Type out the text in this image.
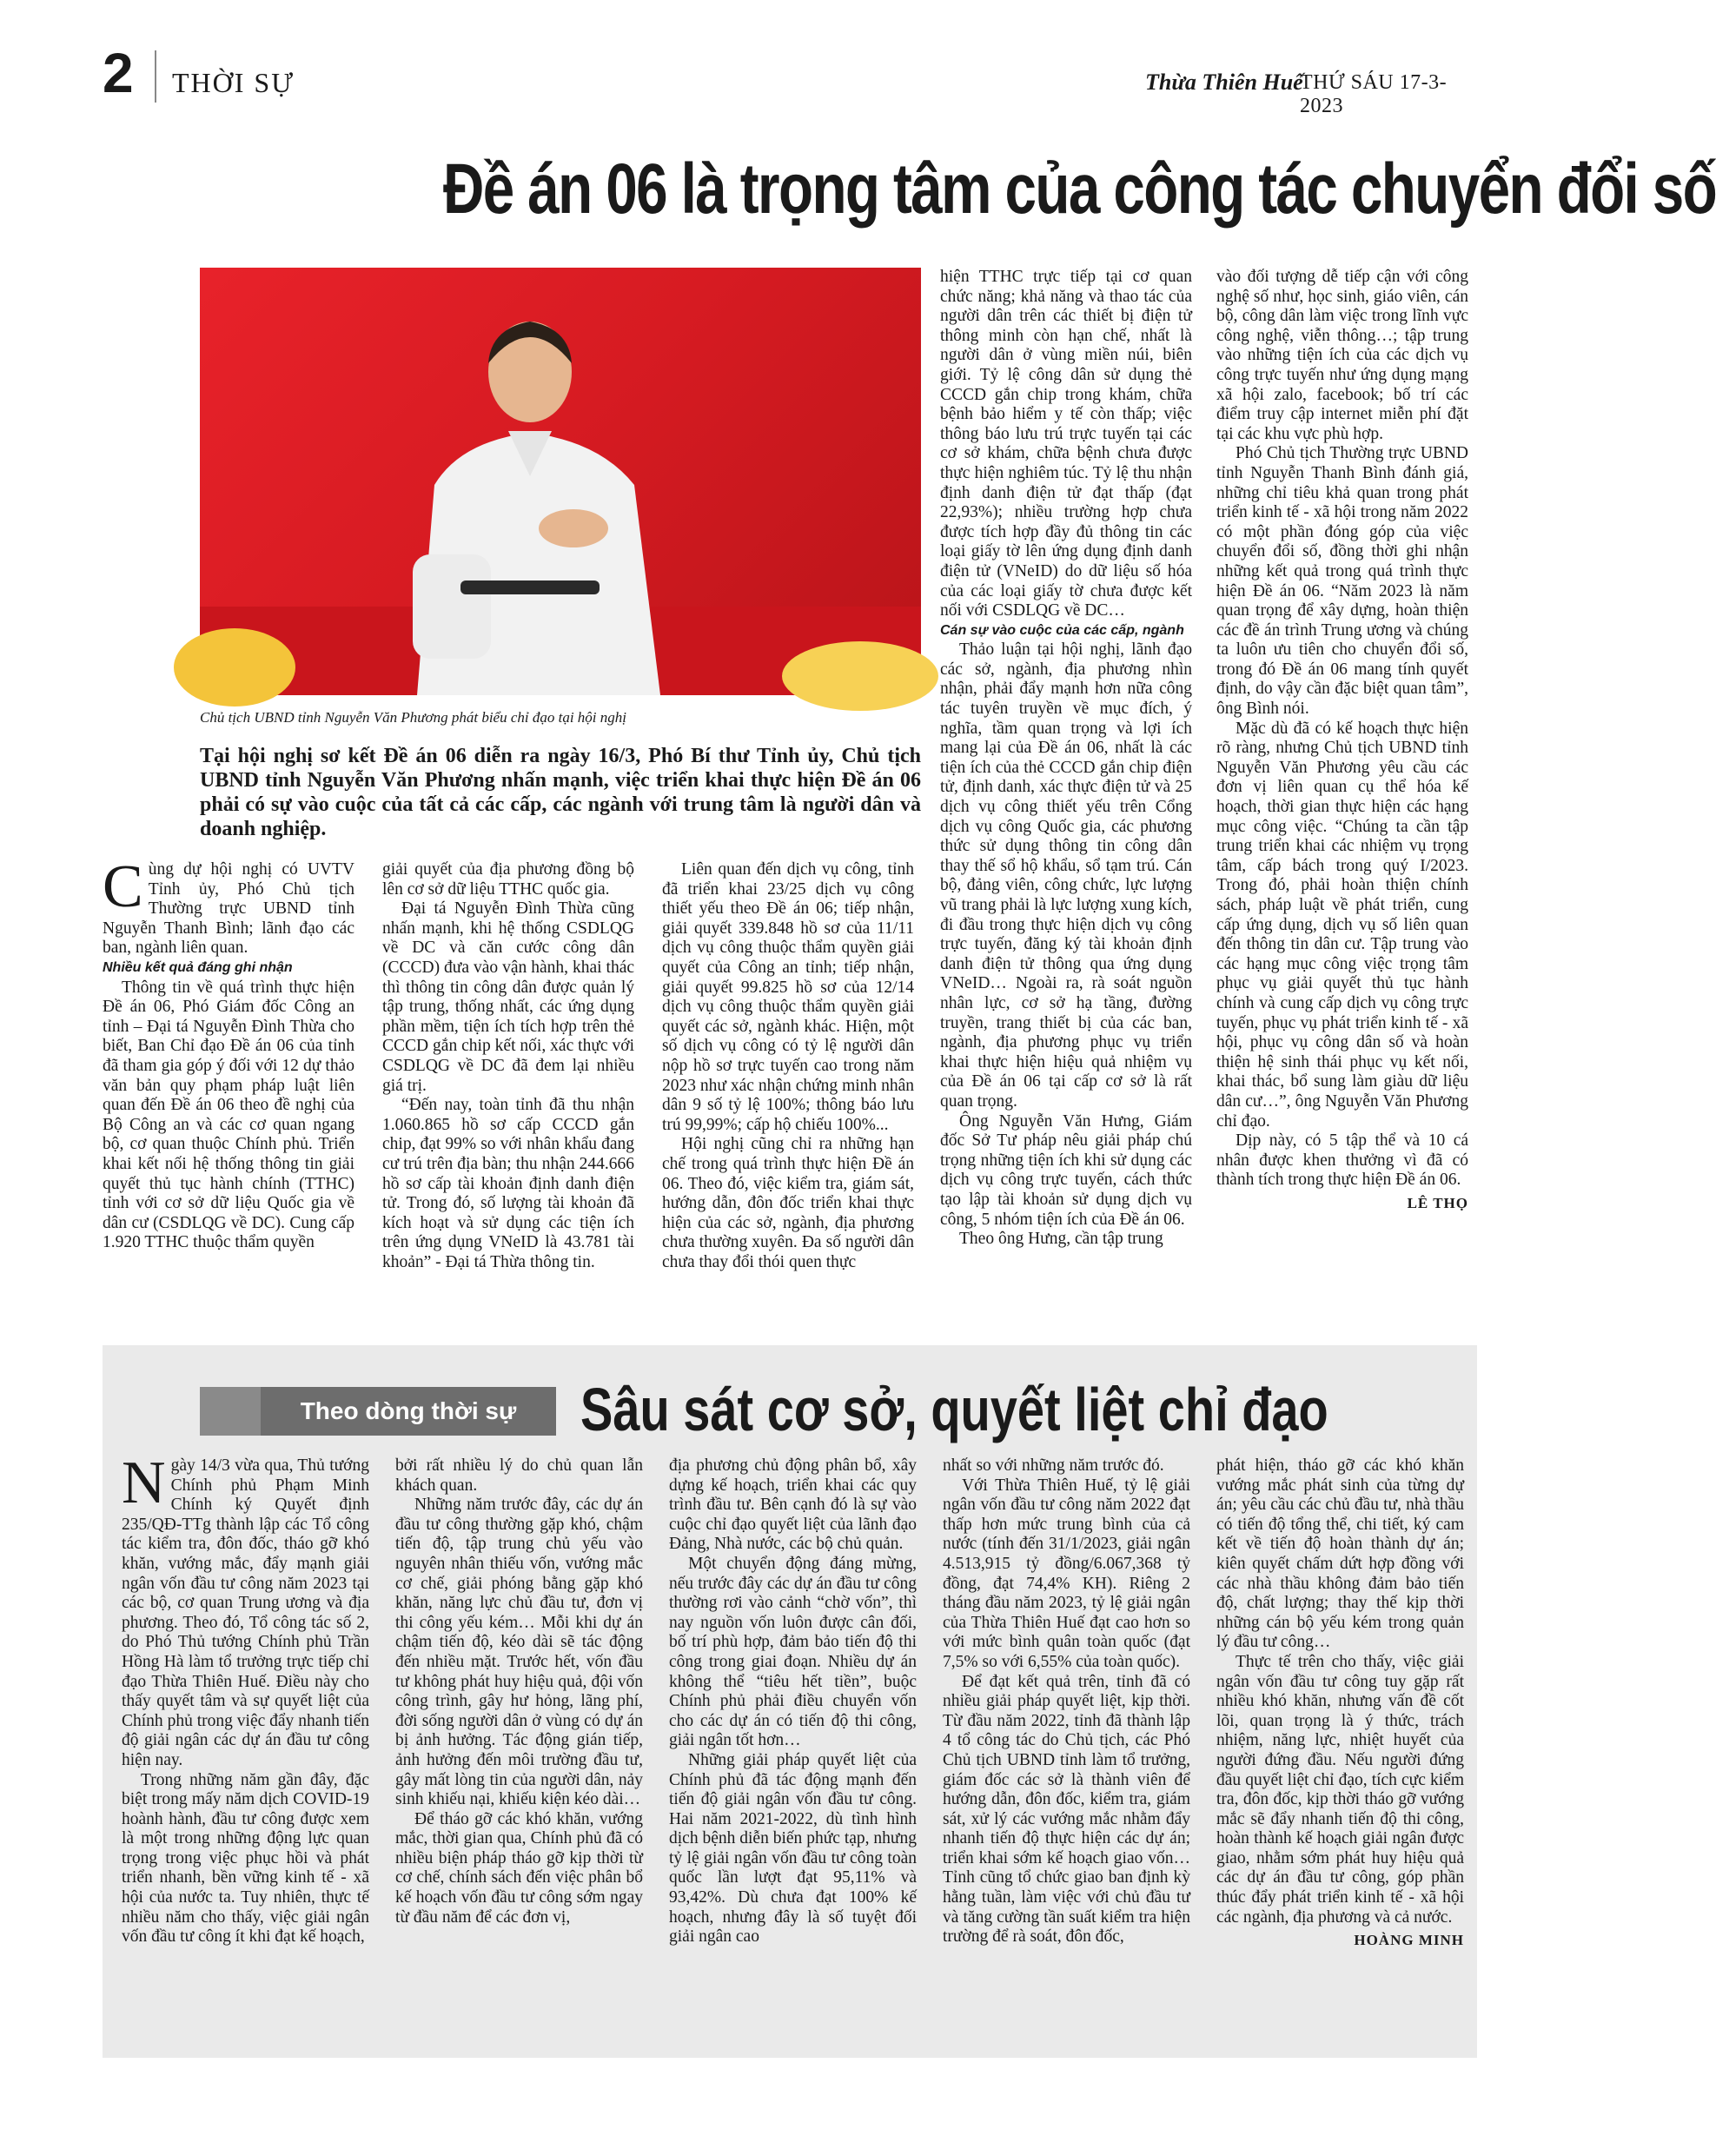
2 THỜI SỰ	Thừa Thiên Huế
THỨ SÁU 17-3-2023
Đề án 06 là trọng tâm của công tác chuyển đổi số
Chủ tịch UBND tỉnh Nguyễn Văn Phương phát biểu chỉ đạo tại hội nghị
Tại hội nghị sơ kết Đề án 06 diễn ra ngày 16/3, Phó Bí thư Tỉnh ủy, Chủ tịch UBND tỉnh Nguyễn Văn Phương nhấn mạnh, việc triển khai thực hiện Đề án 06 phải có sự vào cuộc của tất cả các cấp, các ngành với trung tâm là người dân và doanh nghiệp.

Cùng dự hội nghị có UVTV Tỉnh ủy, Phó Chủ tịch Thường trực UBND tỉnh Nguyễn Thanh Bình; lãnh đạo các ban, ngành liên quan.

Nhiều kết quả đáng ghi nhận

Thông tin về quá trình thực hiện Đề án 06, Phó Giám đốc Công an tỉnh – Đại tá Nguyễn Đình Thừa cho biết, Ban Chỉ đạo Đề án 06 của tỉnh đã tham gia góp ý đối với 12 dự thảo văn bản quy phạm pháp luật liên quan đến Đề án 06 theo đề nghị của Bộ Công an và các cơ quan ngang bộ, cơ quan thuộc Chính phủ. Triển khai kết nối hệ thống thông tin giải quyết thủ tục hành chính (TTHC) tỉnh với cơ sở dữ liệu Quốc gia về dân cư (CSDLQG về DC). Cung cấp 1.920 TTHC thuộc thẩm quyền

giải quyết của địa phương đồng bộ lên cơ sở dữ liệu TTHC quốc gia.

Đại tá Nguyễn Đình Thừa cũng nhấn mạnh, khi hệ thống CSDLQG về DC và căn cước công dân (CCCD) đưa vào vận hành, khai thác thì thông tin công dân được quản lý tập trung, thống nhất, các ứng dụng phần mềm, tiện ích tích hợp trên thẻ CCCD gắn chip kết nối, xác thực với CSDLQG về DC đã đem lại nhiều giá trị.

“Đến nay, toàn tỉnh đã thu nhận 1.060.865 hồ sơ cấp CCCD gắn chip, đạt 99% so với nhân khẩu đang cư trú trên địa bàn; thu nhận 244.666 hồ sơ cấp tài khoản định danh điện tử. Trong đó, số lượng tài khoản đã kích hoạt và sử dụng các tiện ích trên ứng dụng VNeID là 43.781 tài khoản” - Đại tá Thừa thông tin.

Liên quan đến dịch vụ công, tỉnh đã triển khai 23/25 dịch vụ công thiết yếu theo Đề án 06; tiếp nhận, giải quyết 339.848 hồ sơ của 11/11 dịch vụ công thuộc thẩm quyền giải quyết của Công an tỉnh; tiếp nhận, giải quyết 99.825 hồ sơ của 12/14 dịch vụ công thuộc thẩm quyền giải quyết các sở, ngành khác. Hiện, một số dịch vụ công có tỷ lệ người dân nộp hồ sơ trực tuyến cao trong năm 2023 như xác nhận chứng minh nhân dân 9 số tỷ lệ 100%; thông báo lưu trú 99,99%; cấp hộ chiếu 100%...

Hội nghị cũng chỉ ra những hạn chế trong quá trình thực hiện Đề án 06. Theo đó, việc kiểm tra, giám sát, hướng dẫn, đôn đốc triển khai thực hiện của các sở, ngành, địa phương chưa thường xuyên. Đa số người dân chưa thay đổi thói quen thực

hiện TTHC trực tiếp tại cơ quan chức năng; khả năng và thao tác của người dân trên các thiết bị điện tử thông minh còn hạn chế, nhất là người dân ở vùng miền núi, biên giới. Tỷ lệ công dân sử dụng thẻ CCCD gắn chip trong khám, chữa bệnh bảo hiểm y tế còn thấp; việc thông báo lưu trú trực tuyến tại các cơ sở khám, chữa bệnh chưa được thực hiện nghiêm túc. Tỷ lệ thu nhận định danh điện tử đạt thấp (đạt 22,93%); nhiều trường hợp chưa được tích hợp đầy đủ thông tin các loại giấy tờ lên ứng dụng định danh điện tử (VNeID) do dữ liệu số hóa của các loại giấy tờ chưa được kết nối với CSDLQG về DC…

Cán sự vào cuộc của các cấp, ngành

Thảo luận tại hội nghị, lãnh đạo các sở, ngành, địa phương nhìn nhận, phải đẩy mạnh hơn nữa công tác tuyên truyền về mục đích, ý nghĩa, tầm quan trọng và lợi ích mang lại của Đề án 06, nhất là các tiện ích của thẻ CCCD gắn chip điện tử, định danh, xác thực điện tử và 25 dịch vụ công thiết yếu trên Cổng dịch vụ công Quốc gia, các phương thức sử dụng thông tin công dân thay thế sổ hộ khẩu, sổ tạm trú. Cán bộ, đảng viên, công chức, lực lượng vũ trang phải là lực lượng xung kích, đi đầu trong thực hiện dịch vụ công trực tuyến, đăng ký tài khoản định danh điện tử thông qua ứng dụng VNeID… Ngoài ra, rà soát nguồn nhân lực, cơ sở hạ tầng, đường truyền, trang thiết bị của các ban, ngành, địa phương phục vụ triển khai thực hiện hiệu quả nhiệm vụ của Đề án 06 tại cấp cơ sở là rất quan trọng.

Ông Nguyễn Văn Hưng, Giám đốc Sở Tư pháp nêu giải pháp chú trọng những tiện ích khi sử dụng các dịch vụ công trực tuyến, cách thức tạo lập tài khoản sử dụng dịch vụ công, 5 nhóm tiện ích của Đề án 06.

Theo ông Hưng, cần tập trung

vào đối tượng dễ tiếp cận với công nghệ số như, học sinh, giáo viên, cán bộ, công dân làm việc trong lĩnh vực công nghệ, viễn thông…; tập trung vào những tiện ích của các dịch vụ công trực tuyến như ứng dụng mạng xã hội zalo, facebook; bố trí các điểm truy cập internet miễn phí đặt tại các khu vực phù hợp.

Phó Chủ tịch Thường trực UBND tỉnh Nguyễn Thanh Bình đánh giá, những chỉ tiêu khả quan trong phát triển kinh tế - xã hội trong năm 2022 có một phần đóng góp của việc chuyển đổi số, đồng thời ghi nhận những kết quả trong quá trình thực hiện Đề án 06. “Năm 2023 là năm quan trọng để xây dựng, hoàn thiện các đề án trình Trung ương và chúng ta luôn ưu tiên cho chuyển đổi số, trong đó Đề án 06 mang tính quyết định, do vậy cần đặc biệt quan tâm”, ông Bình nói.

Mặc dù đã có kế hoạch thực hiện rõ ràng, nhưng Chủ tịch UBND tỉnh Nguyễn Văn Phương yêu cầu các đơn vị liên quan cụ thể hóa kế hoạch, thời gian thực hiện các hạng mục công việc. “Chúng ta cần tập trung triển khai các nhiệm vụ trọng tâm, cấp bách trong quý I/2023. Trong đó, phải hoàn thiện chính sách, pháp luật về phát triển, cung cấp ứng dụng, dịch vụ số liên quan đến thông tin dân cư. Tập trung vào các hạng mục công việc trọng tâm phục vụ giải quyết thủ tục hành chính và cung cấp dịch vụ công trực tuyến, phục vụ phát triển kinh tế - xã hội, phục vụ công dân số và hoàn thiện hệ sinh thái phục vụ kết nối, khai thác, bổ sung làm giàu dữ liệu dân cư…”, ông Nguyễn Văn Phương chỉ đạo.

Dịp này, có 5 tập thể và 10 cá nhân được khen thưởng vì đã có thành tích trong thực hiện Đề án 06.

LÊ THỌ

Theo dòng thời sự	Sâu sát cơ sở, quyết liệt chỉ đạo

Ngày 14/3 vừa qua, Thủ tướng Chính phủ Phạm Minh Chính ký Quyết định 235/QĐ-TTg thành lập các Tổ công tác kiểm tra, đôn đốc, tháo gỡ khó khăn, vướng mắc, đẩy mạnh giải ngân vốn đầu tư công năm 2023 tại các bộ, cơ quan Trung ương và địa phương. Theo đó, Tổ công tác số 2, do Phó Thủ tướng Chính phủ Trần Hồng Hà làm tổ trưởng trực tiếp chỉ đạo Thừa Thiên Huế. Điều này cho thấy quyết tâm và sự quyết liệt của Chính phủ trong việc đẩy nhanh tiến độ giải ngân các dự án đầu tư công hiện nay.

Trong những năm gần đây, đặc biệt trong mấy năm dịch COVID-19 hoành hành, đầu tư công được xem là một trong những động lực quan trọng trong việc phục hồi và phát triển nhanh, bền vững kinh tế - xã hội của nước ta. Tuy nhiên, thực tế nhiều năm cho thấy, việc giải ngân vốn đầu tư công ít khi đạt kế hoạch,

bởi rất nhiều lý do chủ quan lẫn khách quan.

Những năm trước đây, các dự án đầu tư công thường gặp khó, chậm tiến độ, tập trung chủ yếu vào nguyên nhân thiếu vốn, vướng mắc cơ chế, giải phóng bằng gặp khó khăn, năng lực chủ đầu tư, đơn vị thi công yếu kém… Mỗi khi dự án chậm tiến độ, kéo dài sẽ tác động đến nhiều mặt. Trước hết, vốn đầu tư không phát huy hiệu quả, đội vốn công trình, gây hư hỏng, lãng phí, đời sống người dân ở vùng có dự án bị ảnh hưởng. Tác động gián tiếp, ảnh hưởng đến môi trường đầu tư, gây mất lòng tin của người dân, nảy sinh khiếu nại, khiếu kiện kéo dài…

Để tháo gỡ các khó khăn, vướng mắc, thời gian qua, Chính phủ đã có nhiều biện pháp tháo gỡ kịp thời từ cơ chế, chính sách đến việc phân bổ kế hoạch vốn đầu tư công sớm ngay từ đầu năm để các đơn vị,

địa phương chủ động phân bổ, xây dựng kế hoạch, triển khai các quy trình đầu tư. Bên cạnh đó là sự vào cuộc chỉ đạo quyết liệt của lãnh đạo Đảng, Nhà nước, các bộ chủ quản.

Một chuyển động đáng mừng, nếu trước đây các dự án đầu tư công thường rơi vào cảnh “chờ vốn”, thì nay nguồn vốn luôn được cân đối, bố trí phù hợp, đảm bảo tiến độ thi công trong giai đoạn. Nhiều dự án không thể “tiêu hết tiền”, buộc Chính phủ phải điều chuyển vốn cho các dự án có tiến độ thi công, giải ngân tốt hơn…

Những giải pháp quyết liệt của Chính phủ đã tác động mạnh đến tiến độ giải ngân vốn đầu tư công. Hai năm 2021-2022, dù tình hình dịch bệnh diễn biến phức tạp, nhưng tỷ lệ giải ngân vốn đầu tư công toàn quốc lần lượt đạt 95,11% và 93,42%. Dù chưa đạt 100% kế hoạch, nhưng đây là số tuyệt đối giải ngân cao

nhất so với những năm trước đó.

Với Thừa Thiên Huế, tỷ lệ giải ngân vốn đầu tư công năm 2022 đạt thấp hơn mức trung bình của cả nước (tính đến 31/1/2023, giải ngân 4.513,915 tỷ đồng/6.067,368 tỷ đồng, đạt 74,4% KH). Riêng 2 tháng đầu năm 2023, tỷ lệ giải ngân của Thừa Thiên Huế đạt cao hơn so với mức bình quân toàn quốc (đạt 7,5% so với 6,55% của toàn quốc).

Để đạt kết quả trên, tỉnh đã có nhiều giải pháp quyết liệt, kịp thời. Từ đầu năm 2022, tỉnh đã thành lập 4 tổ công tác do Chủ tịch, các Phó Chủ tịch UBND tỉnh làm tổ trưởng, giám đốc các sở là thành viên để hướng dẫn, đôn đốc, kiểm tra, giám sát, xử lý các vướng mắc nhằm đẩy nhanh tiến độ thực hiện các dự án; triển khai sớm kế hoạch giao vốn… Tỉnh cũng tổ chức giao ban định kỳ hằng tuần, làm việc với chủ đầu tư và tăng cường tần suất kiểm tra hiện trường để rà soát, đôn đốc,

phát hiện, tháo gỡ các khó khăn vướng mắc phát sinh của từng dự án; yêu cầu các chủ đầu tư, nhà thầu có tiến độ tổng thể, chi tiết, ký cam kết về tiến độ hoàn thành dự án; kiên quyết chấm dứt hợp đồng với các nhà thầu không đảm bảo tiến độ, chất lượng; thay thế kịp thời những cán bộ yếu kém trong quản lý đầu tư công…

Thực tế trên cho thấy, việc giải ngân vốn đầu tư công tuy gặp rất nhiều khó khăn, nhưng vấn đề cốt lõi, quan trọng là ý thức, trách nhiệm, năng lực, nhiệt huyết của người đứng đầu. Nếu người đứng đầu quyết liệt chỉ đạo, tích cực kiểm tra, đôn đốc, kịp thời tháo gỡ vướng mắc sẽ đẩy nhanh tiến độ thi công, hoàn thành kế hoạch giải ngân được giao, nhằm sớm phát huy hiệu quả các dự án đầu tư công, góp phần thúc đẩy phát triển kinh tế - xã hội các ngành, địa phương và cả nước.

HOÀNG MINH
